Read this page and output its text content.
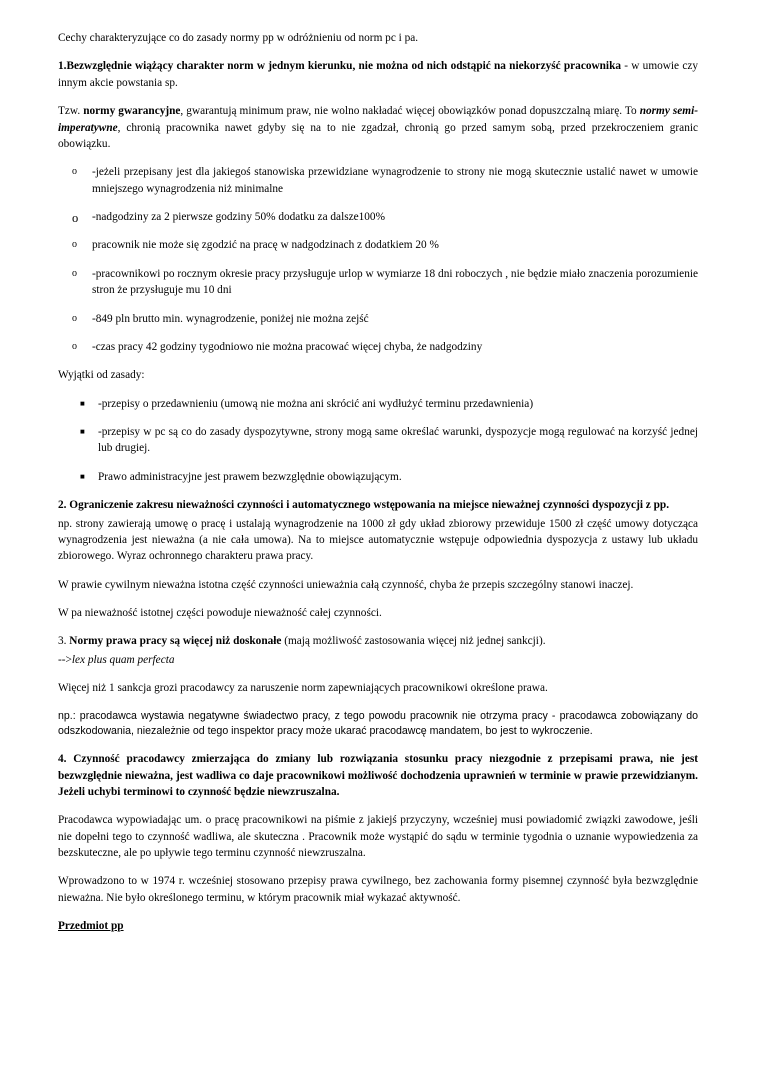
Cechy charakteryzujące co do zasady normy pp w odróżnieniu od norm pc i pa.

1.Bezwzględnie wiążący charakter norm w jednym kierunku, nie można od nich odstąpić na niekorzyść pracownika - w umowie czy innym akcie powstania sp.

Tzw. normy gwarancyjne, gwarantują minimum praw, nie wolno nakładać więcej obowiązków ponad dopuszczalną miarę. To normy semi-imperatywne, chronią pracownika nawet gdyby się na to nie zgadzał, chronią go przed samym sobą, przed przekroczeniem granic obowiązku.

o -jeżeli przepisany jest dla jakiegoś stanowiska przewidziane wynagrodzenie to strony nie mogą skutecznie ustalić nawet w umowie mniejszego wynagrodzenia niż minimalne
o -nadgodziny za 2 pierwsze godziny 50% dodatku za dalsze100%
o pracownik nie może się zgodzić na pracę w nadgodzinach z dodatkiem 20 %
o -pracownikowi po rocznym okresie pracy przysługuje urlop w wymiarze 18 dni roboczych , nie będzie miało znaczenia porozumienie stron że przysługuje mu 10 dni
o -849 pln brutto min. wynagrodzenie, poniżej nie można zejść
o -czas pracy 42 godziny tygodniowo nie można pracować więcej chyba, że nadgodziny

Wyjątki od zasady:

■ -przepisy o przedawnieniu (umową nie można ani skrócić ani wydłużyć terminu przedawnienia)
■ -przepisy w pc są co do zasady dyspozytywne, strony mogą same określać warunki, dyspozycje mogą regulować na korzyść jednej lub drugiej.
■ Prawo administracyjne jest prawem bezwzględnie obowiązującym.

2. Ograniczenie zakresu nieważności czynności i automatycznego wstępowania na miejsce nieważnej czynności dyspozycji z pp.

np. strony zawierają umowę o pracę i ustalają wynagrodzenie na 1000 zł gdy układ zbiorowy przewiduje 1500 zł część umowy dotycząca wynagrodzenia jest nieważna (a nie cała umowa). Na to miejsce automatycznie wstępuje odpowiednia dyspozycja z ustawy lub układu zbiorowego. Wyraz ochronnego charakteru prawa pracy.

W prawie cywilnym nieważna istotna część czynności unieważnia całą czynność, chyba że przepis szczególny stanowi inaczej.

W pa nieważność istotnej części powoduje nieważność całej czynności.

3. Normy prawa pracy są więcej niż doskonałe (mają możliwość zastosowania więcej niż jednej sankcji).

-->lex plus quam perfecta

Więcej niż 1 sankcja grozi pracodawcy za naruszenie norm zapewniających pracownikowi określone prawa.

np.: pracodawca wystawia negatywne świadectwo pracy, z tego powodu pracownik nie otrzyma pracy - pracodawca zobowiązany do odszkodowania, niezależnie od tego inspektor pracy może ukarać pracodawcę mandatem, bo jest to wykroczenie.

4. Czynność pracodawcy zmierzająca do zmiany lub rozwiązania stosunku pracy niezgodnie z przepisami prawa, nie jest bezwzględnie nieważna, jest wadliwa co daje pracownikowi możliwość dochodzenia uprawnień w terminie w prawie przewidzianym. Jeżeli uchybi terminowi to czynność będzie niewzruszalna.

Pracodawca wypowiadając um. o pracę pracownikowi na piśmie z jakiejś przyczyny, wcześniej musi powiadomić związki zawodowe, jeśli nie dopełni tego to czynność wadliwa, ale skuteczna . Pracownik może wystąpić do sądu w terminie tygodnia o uznanie wypowiedzenia za bezskuteczne, ale po upływie tego terminu czynność niewzruszalna.

Wprowadzono to w 1974 r. wcześniej stosowano przepisy prawa cywilnego, bez zachowania formy pisemnej czynność była bezwzględnie nieważna. Nie było określonego terminu, w którym pracownik miał wykazać aktywność.

Przedmiot pp
